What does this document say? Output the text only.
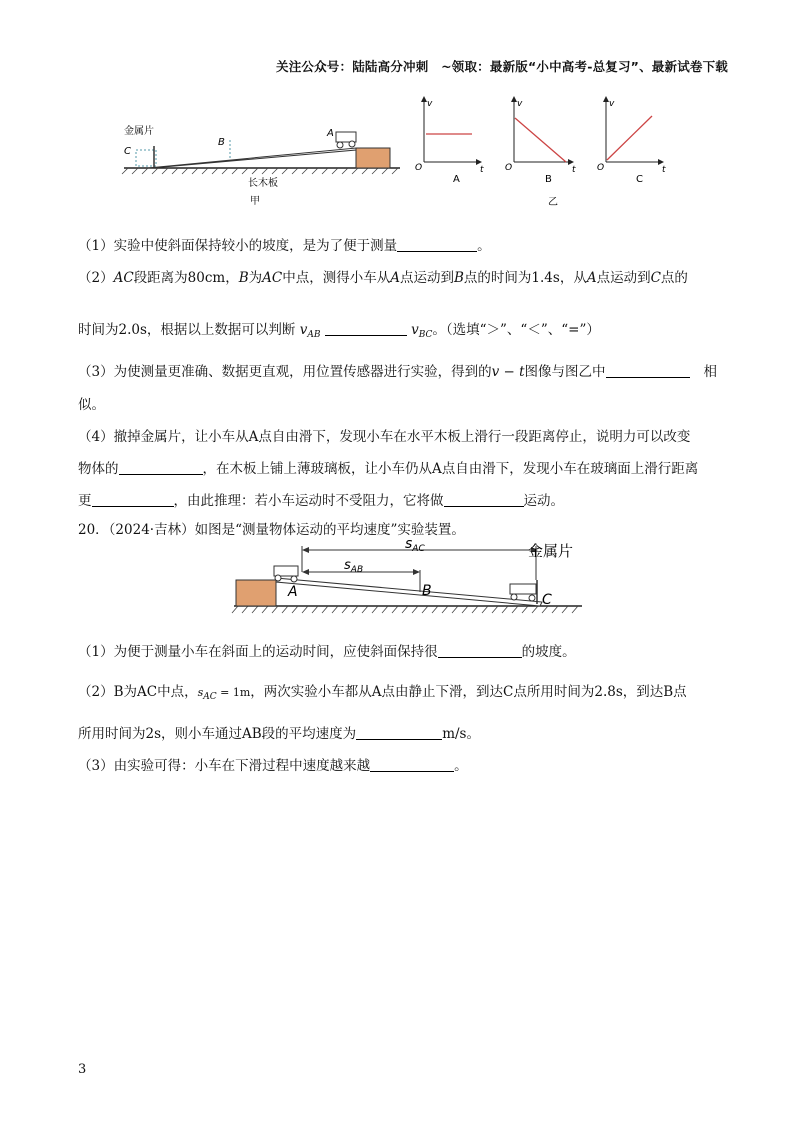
关注公众号：陆陆高分冲刺　~领取：最新版“小中高考-总复习”、最新试卷下载
金属片
C
B
A
长木板
甲
v
t
O
A
v
t
O
B
v
t
O
C
乙
（1）实验中使斜面保持较小的坡度，是为了便于测量	。
（2）AC段距离为80cm，B为AC中点，测得小车从A点运动到B点的时间为1.4s，从A点运动到C点的
时间为2.0s，根据以上数据可以判断 $v_{AB}$	$v_{BC}$。（选填“＞”、“＜”、“=”）
（3）为使测量更准确、数据更直观，用位置传感器进行实验，得到的v − t图像与图乙中	相
似。
（4）撤掉金属片，让小车从A点自由滑下，发现小车在水平木板上滑行一段距离停止，说明力可以改变
物体的	，在木板上铺上薄玻璃板，让小车仍从A点自由滑下，发现小车在玻璃面上滑行距离
更	，由此推理：若小车运动时不受阻力，它将做	运动。
20．（2024·吉林）如图是“测量物体运动的平均速度”实验装置。
$s_{AC}$
$s_{AB}$
金属片
A	B
C
（1）为便于测量小车在斜面上的运动时间，应使斜面保持很	的坡度。
（2）B为AC中点，$s_{AC} = 1m$，两次实验小车都从A点由静止下滑，到达C点所用时间为2.8s，到达B点
所用时间为2s，则小车通过AB段的平均速度为	m/s。
（3）由实验可得：小车在下滑过程中速度越来越	。
3
